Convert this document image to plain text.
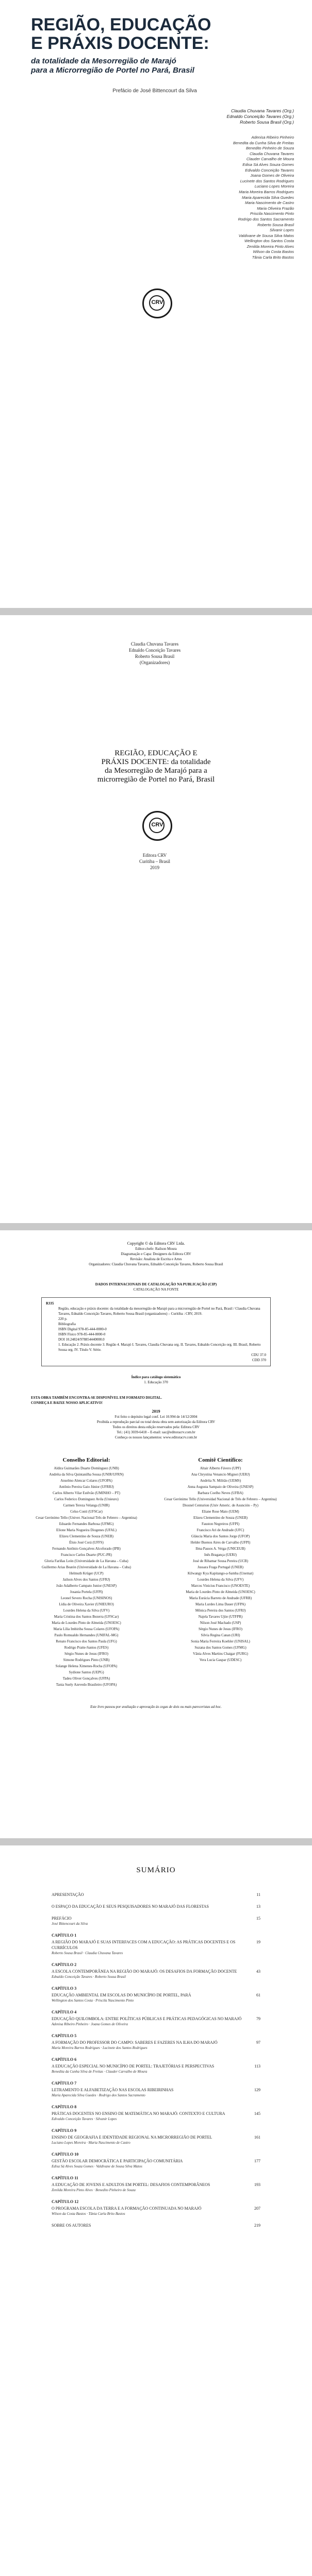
REGIÃO, EDUCAÇÃO
E PRÁXIS DOCENTE:
da totalidade da Mesorregião de Marajó
para a Microrregião de Portel no Pará, Brasil
Prefácio de José Bittencourt da Silva
Claudia Chuvana Tavares (Org.)
Ednaldo Conceição Tavares (Org.)
Roberto Sousa Brasil (Org.)
Adenisa Ribeiro Pinheiro
Benedita da Cunha Silva de Freitas
Benedito Pinheiro de Souza
Claudia Chuvana Tavares
Clauder Carvalho de Moura
Edisa Sá Alves Souza Gomes
Edivaldo Conceição Tavares
Joana Gomes de Oliveira
Lucinete dos Santos Rodrigues
Luciano Lopes Moreira
Maria Moreira Barros Rodrigues
Maria Aparecida Silva Guedes
Maria Nascimento de Castro
Maria Oliveira Frazão
Priscila Nascimento Pinto
Rodrigo dos Santos Sacramento
Roberto Sousa Brasil
Silvanir Lopes
Valdivane de Sousa Silva Matos
Wellington dos Santos Costa
Zenilda Moreira Pinto Alves
Wilson da Costa Bastos
Tânia Carla Brito Bastos
CRV
Claudia Chuvana Tavares
Ednaldo Conceição Tavares
Roberto Sousa Brasil
(Organizadores)
REGIÃO, EDUCAÇÃO E
PRÁXIS DOCENTE: da totalidade
da Mesorregião de Marajó para a
microrregião de Portel no Pará, Brasil
Editora CRV
Curitiba – Brasil
2019
CRV
Copyright © da Editora CRV Ltda.
Editor-chefe: Railson Moura
Diagramação e Capa: Designers da Editora CRV
Revisão: Analista de Escrita e Artes
Organizadores: Claudia Chuvana Tavares, Ednaldo Conceição Tavares, Roberto Sousa Brasil
DADOS INTERNACIONAIS DE CATALOGAÇÃO NA PUBLICAÇÃO (CIP)
CATALOGAÇÃO NA FONTE
R335
Região, educação e práxis docente: da totalidade da mesorregião de Marajó para a microrregião de Portel no Pará, Brasil / Claudia Chuvana Tavares, Ednaldo Conceição Tavares, Roberto Sousa Brasil (organizadores) – Curitiba : CRV, 2019.
220 p.
Bibliografia
ISBN Digital 978-85-444-0000-0
ISBN Físico 978-85-444-0000-0
DOI 10.24824/978854440000.0
1. Educação 2. Práxis docente 3. Região 4. Marajó I. Tavares, Claudia Chuvana org. II. Tavares, Ednaldo Conceição org. III. Brasil, Roberto Sousa org. IV. Título V. Série.
CDU 37.0
CDD 370
Índice para catálogo sistemático
1. Educação 370
ESTA OBRA TAMBÉM ENCONTRA-SE DISPONÍVEL EM FORMATO DIGITAL.
CONHEÇA E BAIXE NOSSO APLICATIVO!
2019
Foi feito o depósito legal conf. Lei 10.994 de 14/12/2004
Proibida a reprodução parcial ou total desta obra sem autorização da Editora CRV
Todos os direitos desta edição reservados pela: Editora CRV
Tel.: (41) 3039-6418 – E-mail: sac@editoracrv.com.br
Conheça os nossos lançamentos: www.editoracrv.com.br
Conselho Editorial:
Aldira Guimarães Duarte Domínguez (UNB)
Andréia da Silva Quintanilha Sousa (UNIR/UFRN)
Anselmo Alencar Colares (UFOPA)
Antônio Pereira Gaio Júnior (UFRRJ)
Carlos Alberto Vilar Estêvão (UMINHO – PT)
Carlos Federico Dominguez Avila (Unieuro)
Carmen Tereza Velanga (UNIR)
Celso Conti (UFSCar)
Cesar Gerónimo Tello (Univer. Nacional Três de Febrero – Argentina)
Eduardo Fernandes Barbosa (UFMG)
Elione Maria Nogueira Diogenes (UFAL)
Elizeu Clementino de Souza (UNEB)
Élsio José Corá (UFFS)
Fernando Antônio Gonçalves Alcoforado (IPB)
Francisco Carlos Duarte (PUC-PR)
Gloria Fariñas León (Universidade de La Havana – Cuba)
Guillermo Arias Beatón (Universidade de La Havana – Cuba)
Helmuth Krüger (UCP)
Jailson Alves dos Santos (UFRJ)
João Adalberto Campato Junior (UNESP)
Josania Portela (UFPI)
Leonel Severo Rocha (UNISINOS)
Lídia de Oliveira Xavier (UNIEURO)
Lourdes Helena da Silva (UFV)
Maria Cristina dos Santos Bezerra (UFSCar)
Maria de Lourdes Pinto de Almeida (UNOESC)
Maria Lília Imbiriba Sousa Colares (UFOPA)
Paulo Romualdo Hernandes (UNIFAL-MG)
Renato Francisco dos Santos Paula (UFG)
Rodrigo Pratte-Santos (UFES)
Sérgio Nunes de Jesus (IFRO)
Simone Rodrigues Pinto (UNB)
Solange Helena Ximenes-Rocha (UFOPA)
Sydione Santos (UEPG)
Tadeu Oliver Gonçalves (UFPA)
Tania Suely Azevedo Brasileiro (UFOPA)
Comitê Científico:
Altair Alberto Fávero (UPF)
Ana Chrystina Venancio Mignot (UERJ)
Andréia N. Militão (UEMS)
Anna Augusta Sampaio de Oliveira (UNESP)
Barbara Coelho Neves (UFBA)
Cesar Gerónimo Tello (Universidad Nacional de Três de Febrero – Argentina)
Diosnel Centurion (Univ Americ. de Asunción – Py)
Eliane Rose Maio (UEM)
Elizeu Clementino de Souza (UNEB)
Fauston Negreiros (UFPI)
Francisco Ari de Andrade (UFC)
Gláucia Maria dos Santos Jorge (UFOP)
Helder Buenos Aires de Carvalho (UFPI)
Ilma Passos A. Veiga (UNICEUB)
Inês Bragança (UERJ)
José de Ribamar Sousa Pereira (UCB)
Jussara Fraga Portugal (UNEB)
Kilwangy Kya Kapitango-a-Samba (Unemat)
Lourdes Helena da Silva (UFV)
Marcos Vinicius Francisco (UNOESTE)
Maria de Lourdes Pinto de Almeida (UNOESC)
Maria Eurácia Barreto de Andrade (UFRB)
Maria Lurdes Lima Dauer (UFPA)
Mônica Pereira dos Santos (UFRJ)
Najela Tavares Ujiie (UTFPR)
Nilson José Machado (USP)
Sérgio Nunes de Jesus (IFRO)
Silvia Regina Canan (URI)
Sonia Maria Ferreira Koehler (UNISAL)
Suzana dos Santos Gomes (UFMG)
Vânia Alves Martins Chaigar (FURG)
Vera Lucia Gaspar (UDESC)
Este livro passou por avaliação e aprovação às cegas de dois ou mais pareceristas ad hoc.
SUMÁRIO
APRESENTAÇÃO	11
O ESPAÇO DA EDUCAÇÃO E SEUS PESQUISADORES NO MARAJÓ DAS FLORESTAS	13
PREFÁCIO	15
José Bittencourt da Silva
CAPÍTULO 1
A REGIÃO DO MARAJÓ E SUAS INTERFACES COM A EDUCAÇÃO: AS PRÁTICAS DOCENTES E OS CURRÍCULOS
19
Roberto Sousa Brasil · Claudia Chuvana Tavares
CAPÍTULO 2
A ESCOLA CONTEMPORÂNEA NA REGIÃO DO MARAJÓ: OS DESAFIOS DA FORMAÇÃO DOCENTE	43
Ednaldo Conceição Tavares · Roberto Sousa Brasil
CAPÍTULO 3
EDUCAÇÃO AMBIENTAL EM ESCOLAS DO MUNICÍPIO DE PORTEL, PARÁ	61
Wellington dos Santos Costa · Priscila Nascimento Pinto
CAPÍTULO 4
EDUCAÇÃO QUILOMBOLA: ENTRE POLÍTICAS PÚBLICAS E PRÁTICAS PEDAGÓGICAS NO MARAJÓ	79
Adenisa Ribeiro Pinheiro · Joana Gomes de Oliveira
CAPÍTULO 5
A FORMAÇÃO DO PROFESSOR DO CAMPO: SABERES E FAZERES NA ILHA DO MARAJÓ	97
Maria Moreira Barros Rodrigues · Lucinete dos Santos Rodrigues
CAPÍTULO 6
A EDUCAÇÃO ESPECIAL NO MUNICÍPIO DE PORTEL: TRAJETÓRIAS E PERSPECTIVAS	113
Benedita da Cunha Silva de Freitas · Clauder Carvalho de Moura
CAPÍTULO 7
LETRAMENTO E ALFABETIZAÇÃO NAS ESCOLAS RIBEIRINHAS	129
Maria Aparecida Silva Guedes · Rodrigo dos Santos Sacramento
CAPÍTULO 8
PRÁTICAS DOCENTES NO ENSINO DE MATEMÁTICA NO MARAJÓ: CONTEXTO E CULTURA	145
Edivaldo Conceição Tavares · Silvanir Lopes
CAPÍTULO 9
ENSINO DE GEOGRAFIA E IDENTIDADE REGIONAL NA MICRORREGIÃO DE PORTEL	161
Luciano Lopes Moreira · Maria Nascimento de Castro
CAPÍTULO 10
GESTÃO ESCOLAR DEMOCRÁTICA E PARTICIPAÇÃO COMUNITÁRIA	177
Edisa Sá Alves Souza Gomes · Valdivane de Sousa Silva Matos
CAPÍTULO 11
A EDUCAÇÃO DE JOVENS E ADULTOS EM PORTEL: DESAFIOS CONTEMPORÂNEOS	193
Zenilda Moreira Pinto Alves · Benedito Pinheiro de Souza
CAPÍTULO 12
O PROGRAMA ESCOLA DA TERRA E A FORMAÇÃO CONTINUADA NO MARAJÓ	207
Wilson da Costa Bastos · Tânia Carla Brito Bastos
SOBRE OS AUTORES	219
